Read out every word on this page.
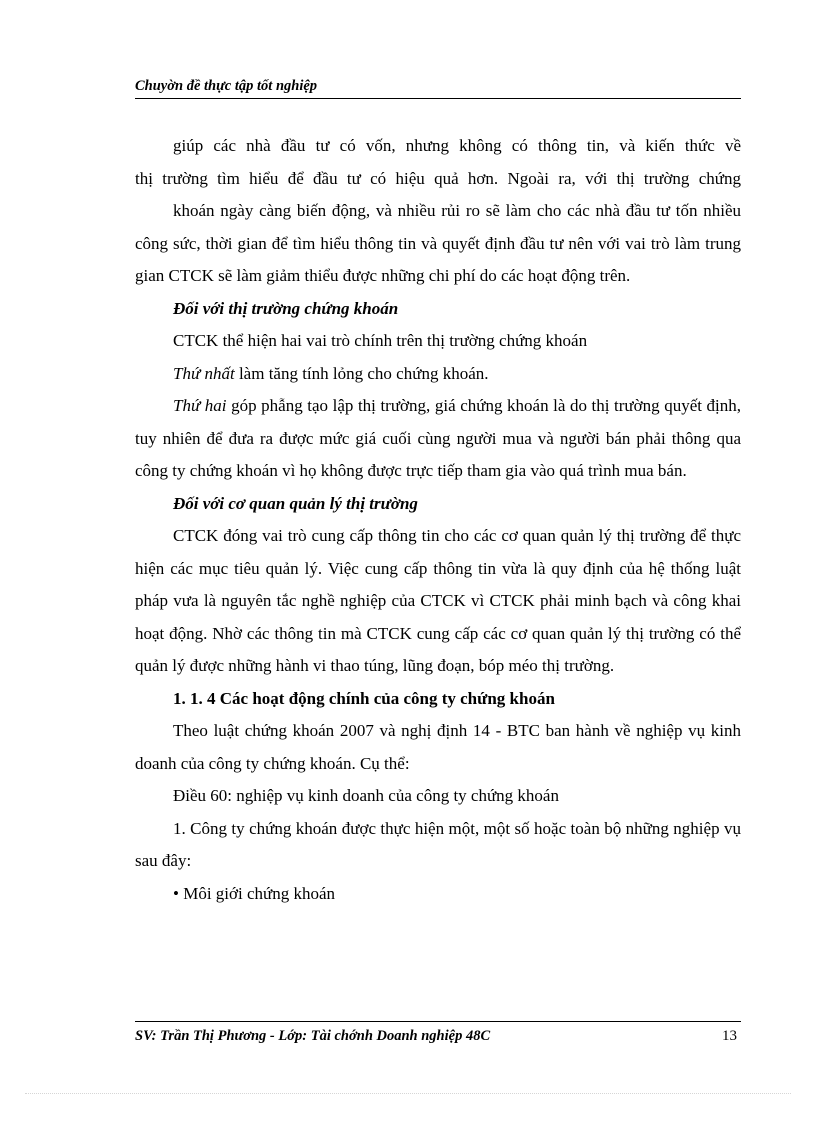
Chuyờn đề thực tập tốt nghiệp

giúp các nhà đầu tư có vốn, nhưng không có thông tin, và kiến thức về

thị trường tìm hiểu để đầu tư có hiệu quả hơn. Ngoài ra, với thị trường chứng

khoán ngày càng biến động, và nhiều rủi ro sẽ làm cho các nhà đầu tư tốn nhiều công sức, thời gian để tìm hiểu thông tin và quyết định đầu tư nên với vai trò làm trung gian CTCK sẽ làm giảm thiểu được những chi phí do các hoạt động trên.

Đối với thị trường chứng khoán

CTCK thể hiện hai vai trò chính trên thị trường chứng khoán

Thứ nhất làm tăng tính lỏng cho chứng khoán.

Thứ hai góp phẫng tạo lập thị trường, giá chứng khoán là do thị trường quyết định, tuy nhiên để đưa ra được mức giá cuối cùng người mua và người bán phải thông qua công ty chứng khoán vì họ không được trực tiếp tham gia vào quá trình mua bán.

Đối với cơ quan quản lý thị trường

CTCK đóng vai trò cung cấp thông tin cho các cơ quan quản lý thị trường để thực hiện các mục tiêu quản lý. Việc cung cấp thông tin vừa là quy định của hệ thống luật pháp vưa là nguyên tắc nghề nghiệp của CTCK vì CTCK phải minh bạch và công khai hoạt động. Nhờ các thông tin mà CTCK cung cấp các cơ quan quản lý thị trường có thể quản lý được những hành vi thao túng, lũng đoạn, bóp méo thị trường.

1. 1. 4 Các hoạt động chính của công ty chứng khoán

Theo luật chứng khoán 2007 và nghị định 14 - BTC ban hành về nghiệp vụ kinh doanh của công ty chứng khoán. Cụ thể:

Điều 60: nghiệp vụ kinh doanh của công ty chứng khoán

1. Công ty chứng khoán được thực hiện một, một số hoặc toàn bộ những nghiệp vụ sau đây:

• Môi giới chứng khoán

SV: Trần Thị Phương - Lớp: Tài chớnh Doanh nghiệp 48C	13
